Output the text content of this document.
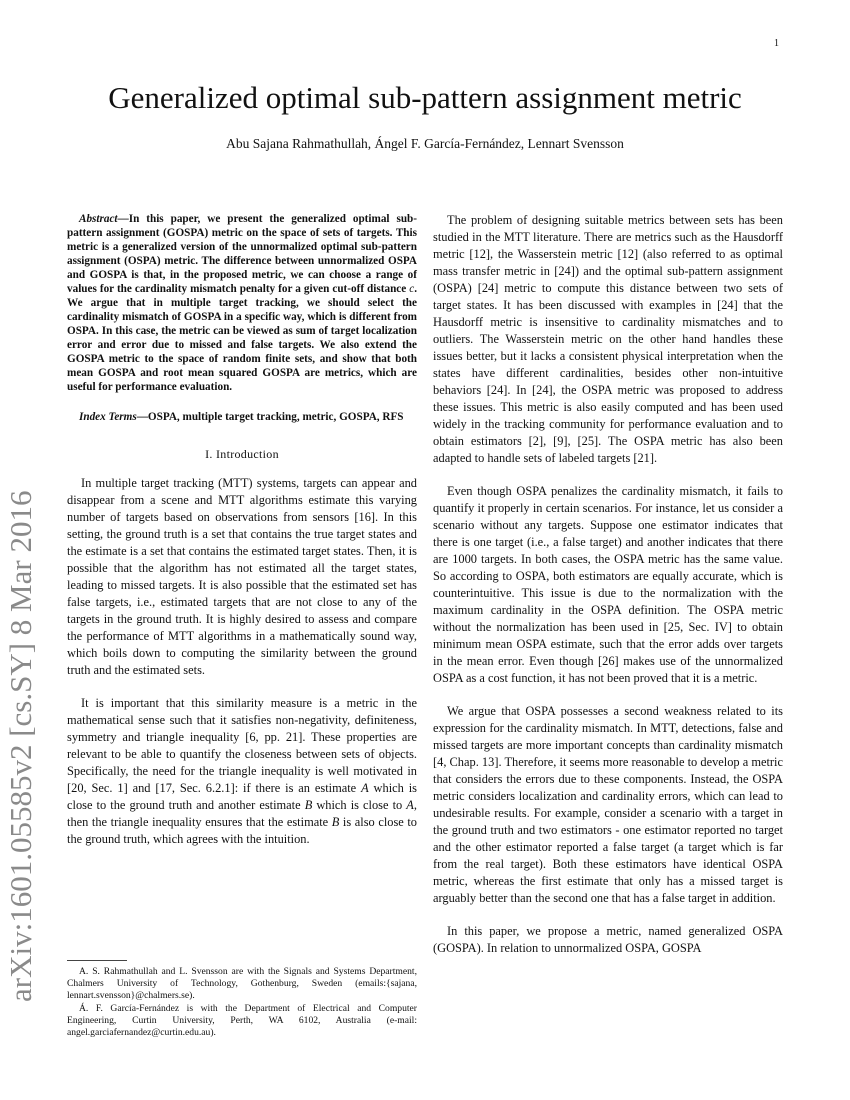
1
Generalized optimal sub-pattern assignment metric
Abu Sajana Rahmathullah, Ángel F. García-Fernández, Lennart Svensson
arXiv:1601.05585v2 [cs.SY] 8 Mar 2016

Abstract—In this paper, we present the generalized optimal sub-pattern assignment (GOSPA) metric on the space of sets of targets. This metric is a generalized version of the unnormalized optimal sub-pattern assignment (OSPA) metric. The difference between unnormalized OSPA and GOSPA is that, in the proposed metric, we can choose a range of values for the cardinality mismatch penalty for a given cut-off distance c. We argue that in multiple target tracking, we should select the cardinality mismatch of GOSPA in a specific way, which is different from OSPA. In this case, the metric can be viewed as sum of target localization error and error due to missed and false targets. We also extend the GOSPA metric to the space of random finite sets, and show that both mean GOSPA and root mean squared GOSPA are metrics, which are useful for performance evaluation.

Index Terms—OSPA, multiple target tracking, metric, GOSPA, RFS

I. Introduction

In multiple target tracking (MTT) systems, targets can appear and disappear from a scene and MTT algorithms estimate this varying number of targets based on observations from sensors [16]. In this setting, the ground truth is a set that contains the true target states and the estimate is a set that contains the estimated target states. Then, it is possible that the algorithm has not estimated all the target states, leading to missed targets. It is also possible that the estimated set has false targets, i.e., estimated targets that are not close to any of the targets in the ground truth. It is highly desired to assess and compare the performance of MTT algorithms in a mathematically sound way, which boils down to computing the similarity between the ground truth and the estimated sets.

It is important that this similarity measure is a metric in the mathematical sense such that it satisfies non-negativity, definiteness, symmetry and triangle inequality [6, pp. 21]. These properties are relevant to be able to quantify the closeness between sets of objects. Specifically, the need for the triangle inequality is well motivated in [20, Sec. 1] and [17, Sec. 6.2.1]: if there is an estimate A which is close to the ground truth and another estimate B which is close to A, then the triangle inequality ensures that the estimate B is also close to the ground truth, which agrees with the intuition.

A. S. Rahmathullah and L. Svensson are with the Signals and Systems Department, Chalmers University of Technology, Gothenburg, Sweden (emails:{sajana, lennart.svensson}@chalmers.se).

Á. F. García-Fernández is with the Department of Electrical and Computer Engineering, Curtin University, Perth, WA 6102, Australia (e-mail: angel.garciafernandez@curtin.edu.au).

The problem of designing suitable metrics between sets has been studied in the MTT literature. There are metrics such as the Hausdorff metric [12], the Wasserstein metric [12] (also referred to as optimal mass transfer metric in [24]) and the optimal sub-pattern assignment (OSPA) [24] metric to compute this distance between two sets of target states. It has been discussed with examples in [24] that the Hausdorff metric is insensitive to cardinality mismatches and to outliers. The Wasserstein metric on the other hand handles these issues better, but it lacks a consistent physical interpretation when the states have different cardinalities, besides other non-intuitive behaviors [24]. In [24], the OSPA metric was proposed to address these issues. This metric is also easily computed and has been used widely in the tracking community for performance evaluation and to obtain estimators [2], [9], [25]. The OSPA metric has also been adapted to handle sets of labeled targets [21].

Even though OSPA penalizes the cardinality mismatch, it fails to quantify it properly in certain scenarios. For instance, let us consider a scenario without any targets. Suppose one estimator indicates that there is one target (i.e., a false target) and another indicates that there are 1000 targets. In both cases, the OSPA metric has the same value. So according to OSPA, both estimators are equally accurate, which is counterintuitive. This issue is due to the normalization with the maximum cardinality in the OSPA definition. The OSPA metric without the normalization has been used in [25, Sec. IV] to obtain minimum mean OSPA estimate, such that the error adds over targets in the mean error. Even though [26] makes use of the unnormalized OSPA as a cost function, it has not been proved that it is a metric.

We argue that OSPA possesses a second weakness related to its expression for the cardinality mismatch. In MTT, detections, false and missed targets are more important concepts than cardinality mismatch [4, Chap. 13]. Therefore, it seems more reasonable to develop a metric that considers the errors due to these components. Instead, the OSPA metric considers localization and cardinality errors, which can lead to undesirable results. For example, consider a scenario with a target in the ground truth and two estimators - one estimator reported no target and the other estimator reported a false target (a target which is far from the real target). Both these estimators have identical OSPA metric, whereas the first estimate that only has a missed target is arguably better than the second one that has a false target in addition.

In this paper, we propose a metric, named generalized OSPA (GOSPA). In relation to unnormalized OSPA, GOSPA
